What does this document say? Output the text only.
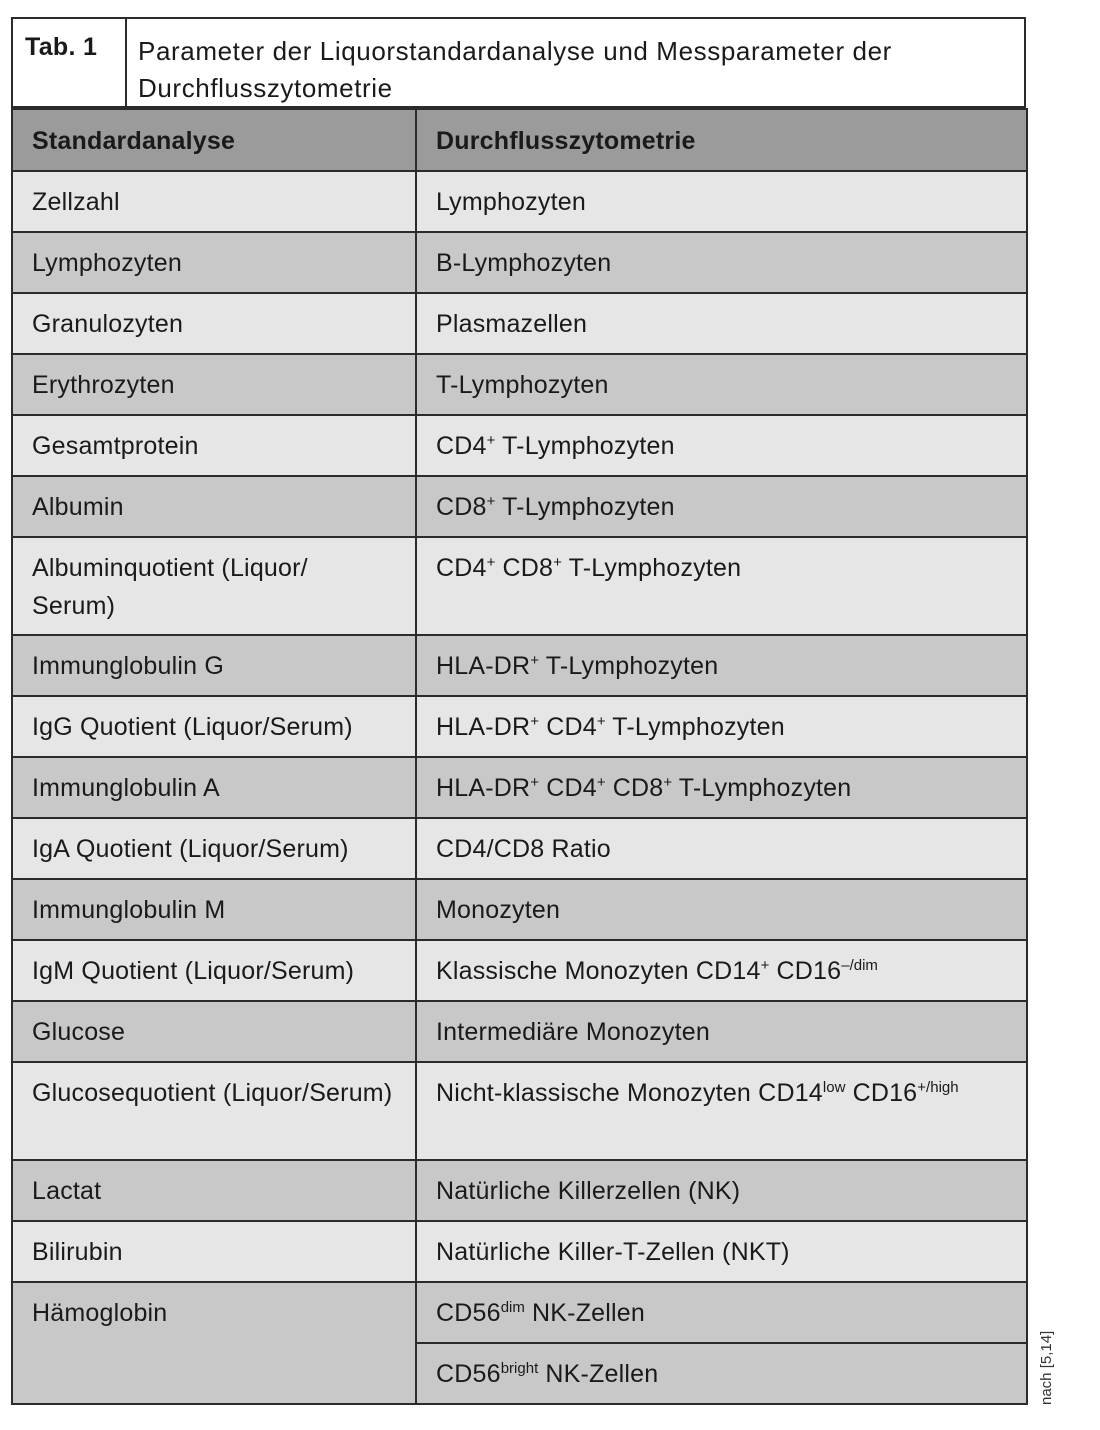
Tab. 1	Parameter der Liquorstandardanalyse und Messparameter der Durchflusszytometrie
Standardanalyse	Durchflusszytometrie
Zellzahl	Lymphozyten
Lymphozyten	B-Lymphozyten
Granulozyten	Plasmazellen
Erythrozyten	T-Lymphozyten
Gesamtprotein	CD4+ T-Lymphozyten
Albumin	CD8+ T-Lymphozyten
Albuminquotient (Liquor/ Serum)	CD4+ CD8+ T-Lymphozyten
Immunglobulin G	HLA-DR+ T-Lymphozyten
IgG Quotient (Liquor/Serum)	HLA-DR+ CD4+ T-Lymphozyten
Immunglobulin A	HLA-DR+ CD4+ CD8+ T-Lymphozyten
IgA Quotient (Liquor/Serum)	CD4/CD8 Ratio
Immunglobulin M	Monozyten
IgM Quotient (Liquor/Serum)	Klassische Monozyten CD14+ $CD16^{-/dim}$
Glucose	Intermediäre Monozyten
Glucosequotient (Liquor/Serum)	Nicht-klassische Monozyten $CD14^{low}$ $CD16^{+/high}$
Lactat	Natürliche Killerzellen (NK)
Bilirubin	Natürliche Killer-T-Zellen (NKT)
Hämoglobin	$CD56^{dim}$ NK-Zellen
	$CD56^{bright}$ NK-Zellen	nach [5,14]
